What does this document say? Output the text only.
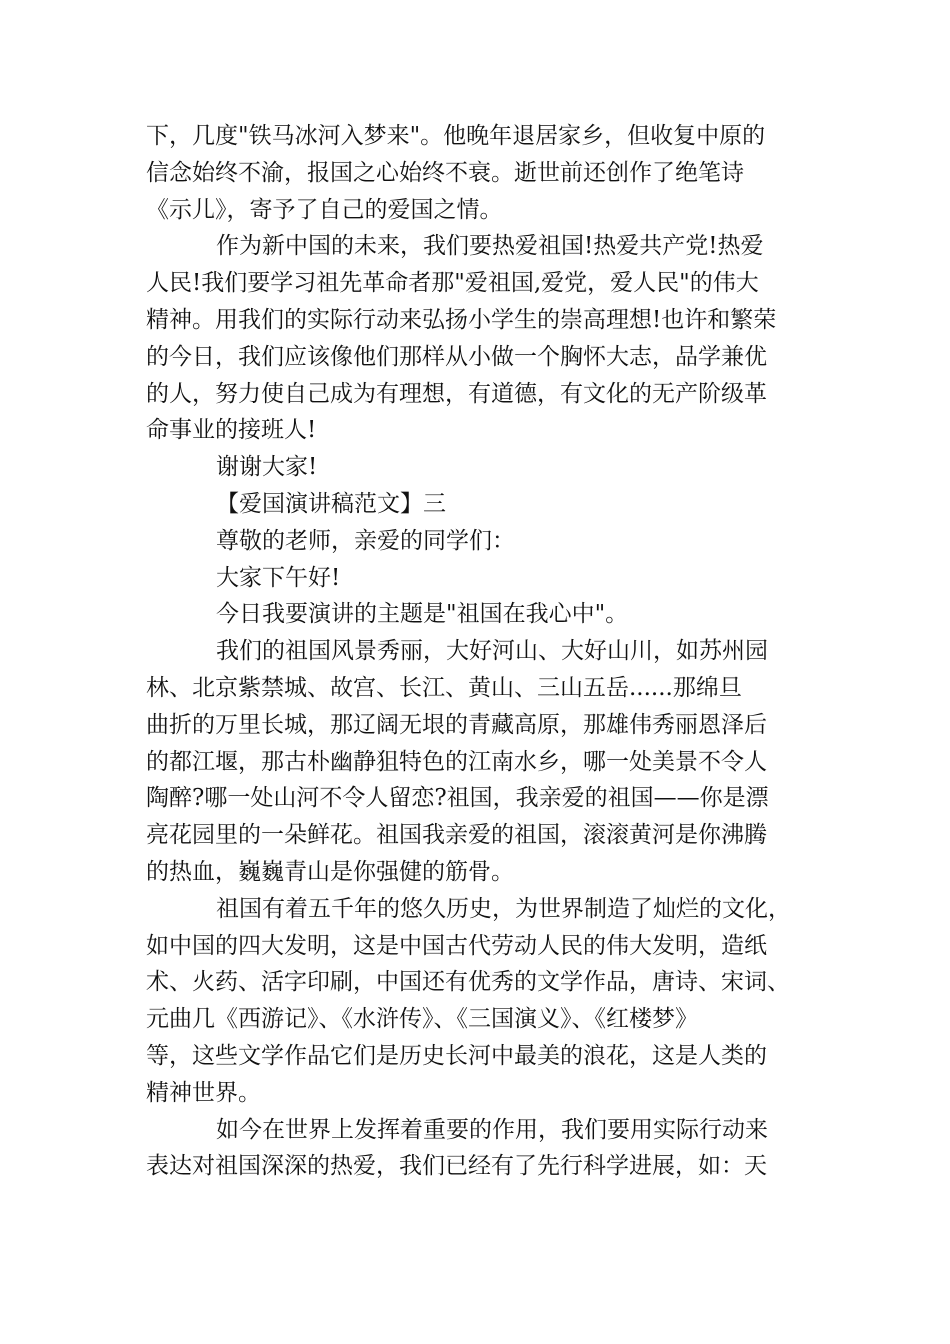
下，几度"铁马冰河入梦来"。他晚年退居家乡，但收复中原的
信念始终不渝，报国之心始终不衰。逝世前还创作了绝笔诗
《示儿》，寄予了自己的爱国之情。
作为新中国的未来，我们要热爱祖国!热爱共产党!热爱
人民!我们要学习祖先革命者那"爱祖国,爱党，爱人民"的伟大
精神。用我们的实际行动来弘扬小学生的崇高理想!也许和繁荣
的今日，我们应该像他们那样从小做一个胸怀大志，品学兼优
的人，努力使自己成为有理想，有道德，有文化的无产阶级革
命事业的接班人!
谢谢大家!
【爱国演讲稿范文】三
尊敬的老师，亲爱的同学们：
大家下午好!
今日我要演讲的主题是"祖国在我心中"。
我们的祖国风景秀丽，大好河山、大好山川，如苏州园
林、北京紫禁城、故宫、长江、黄山、三山五岳......那绵旦
曲折的万里长城，那辽阔无垠的青藏高原，那雄伟秀丽恩泽后
的都江堰，那古朴幽静狙特色的江南水乡，哪一处美景不令人
陶醉?哪一处山河不令人留恋?祖国，我亲爱的祖国——你是漂
亮花园里的一朵鲜花。祖国我亲爱的祖国，滚滚黄河是你沸腾
的热血，巍巍青山是你强健的筋骨。
祖国有着五千年的悠久历史，为世界制造了灿烂的文化，
如中国的四大发明，这是中国古代劳动人民的伟大发明，造纸
术、火药、活字印刷，中国还有优秀的文学作品，唐诗、宋词、
元曲几《西游记》、《水浒传》、《三国演义》、《红楼梦》
等，这些文学作品它们是历史长河中最美的浪花，这是人类的
精神世界。
如今在世界上发挥着重要的作用，我们要用实际行动来
表达对祖国深深的热爱，我们已经有了先行科学进展，如：天
